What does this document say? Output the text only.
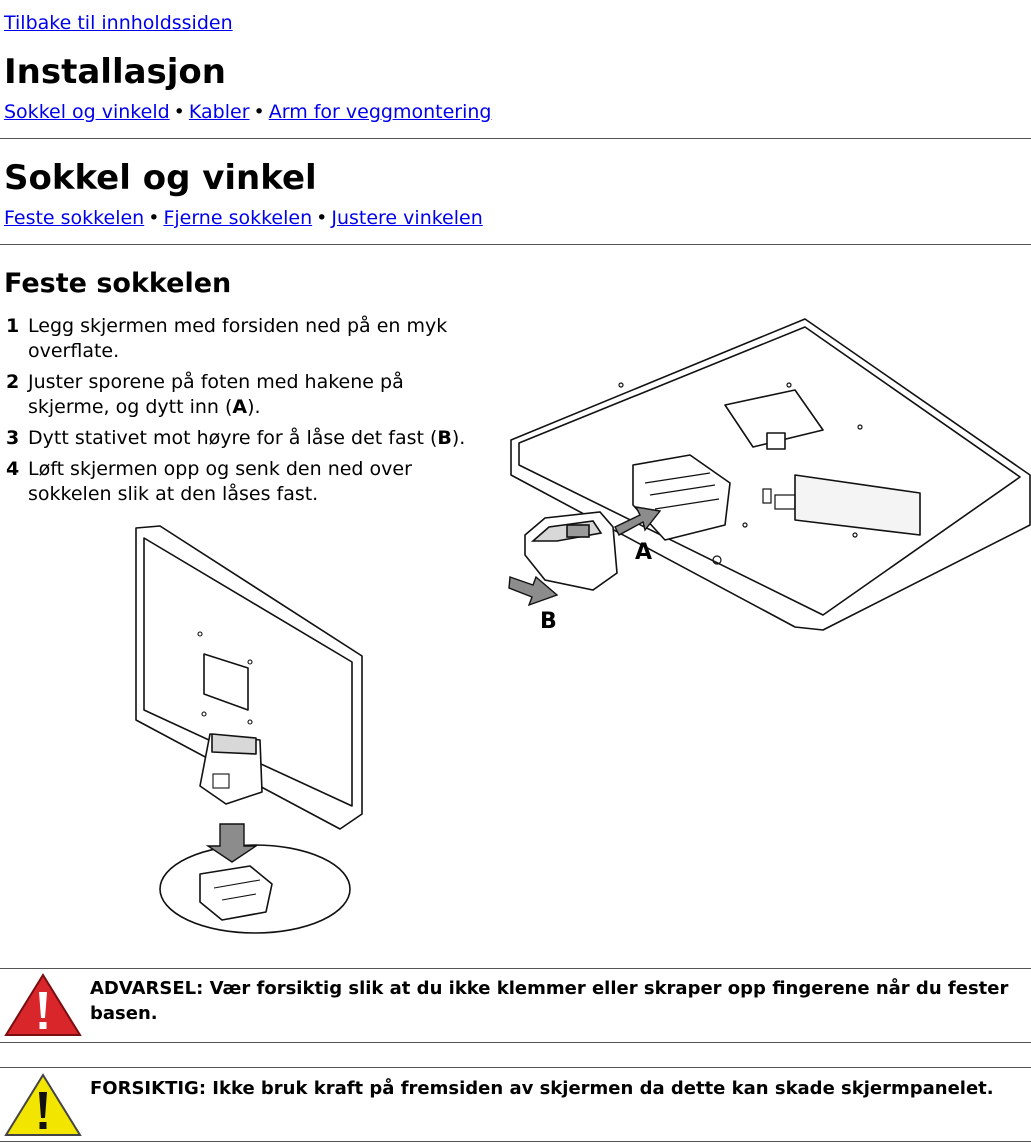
Tilbake til innholdssiden
Installasjon
Sokkel og vinkeld • Kabler • Arm for veggmontering
Sokkel og vinkel
Feste sokkelen • Fjerne sokkelen • Justere vinkelen
Feste sokkelen
1 Legg skjermen med forsiden ned på en myk overflate.
2 Juster sporene på foten med hakene på skjerme, og dytt inn (A).
3 Dytt stativet mot høyre for å låse det fast (B).
4 Løft skjermen opp og senk den ned over sokkelen slik at den låses fast.
A
B
ADVARSEL: Vær forsiktig slik at du ikke klemmer eller skraper opp fingerene når du fester basen.
FORSIKTIG: Ikke bruk kraft på fremsiden av skjermen da dette kan skade skjermpanelet.
